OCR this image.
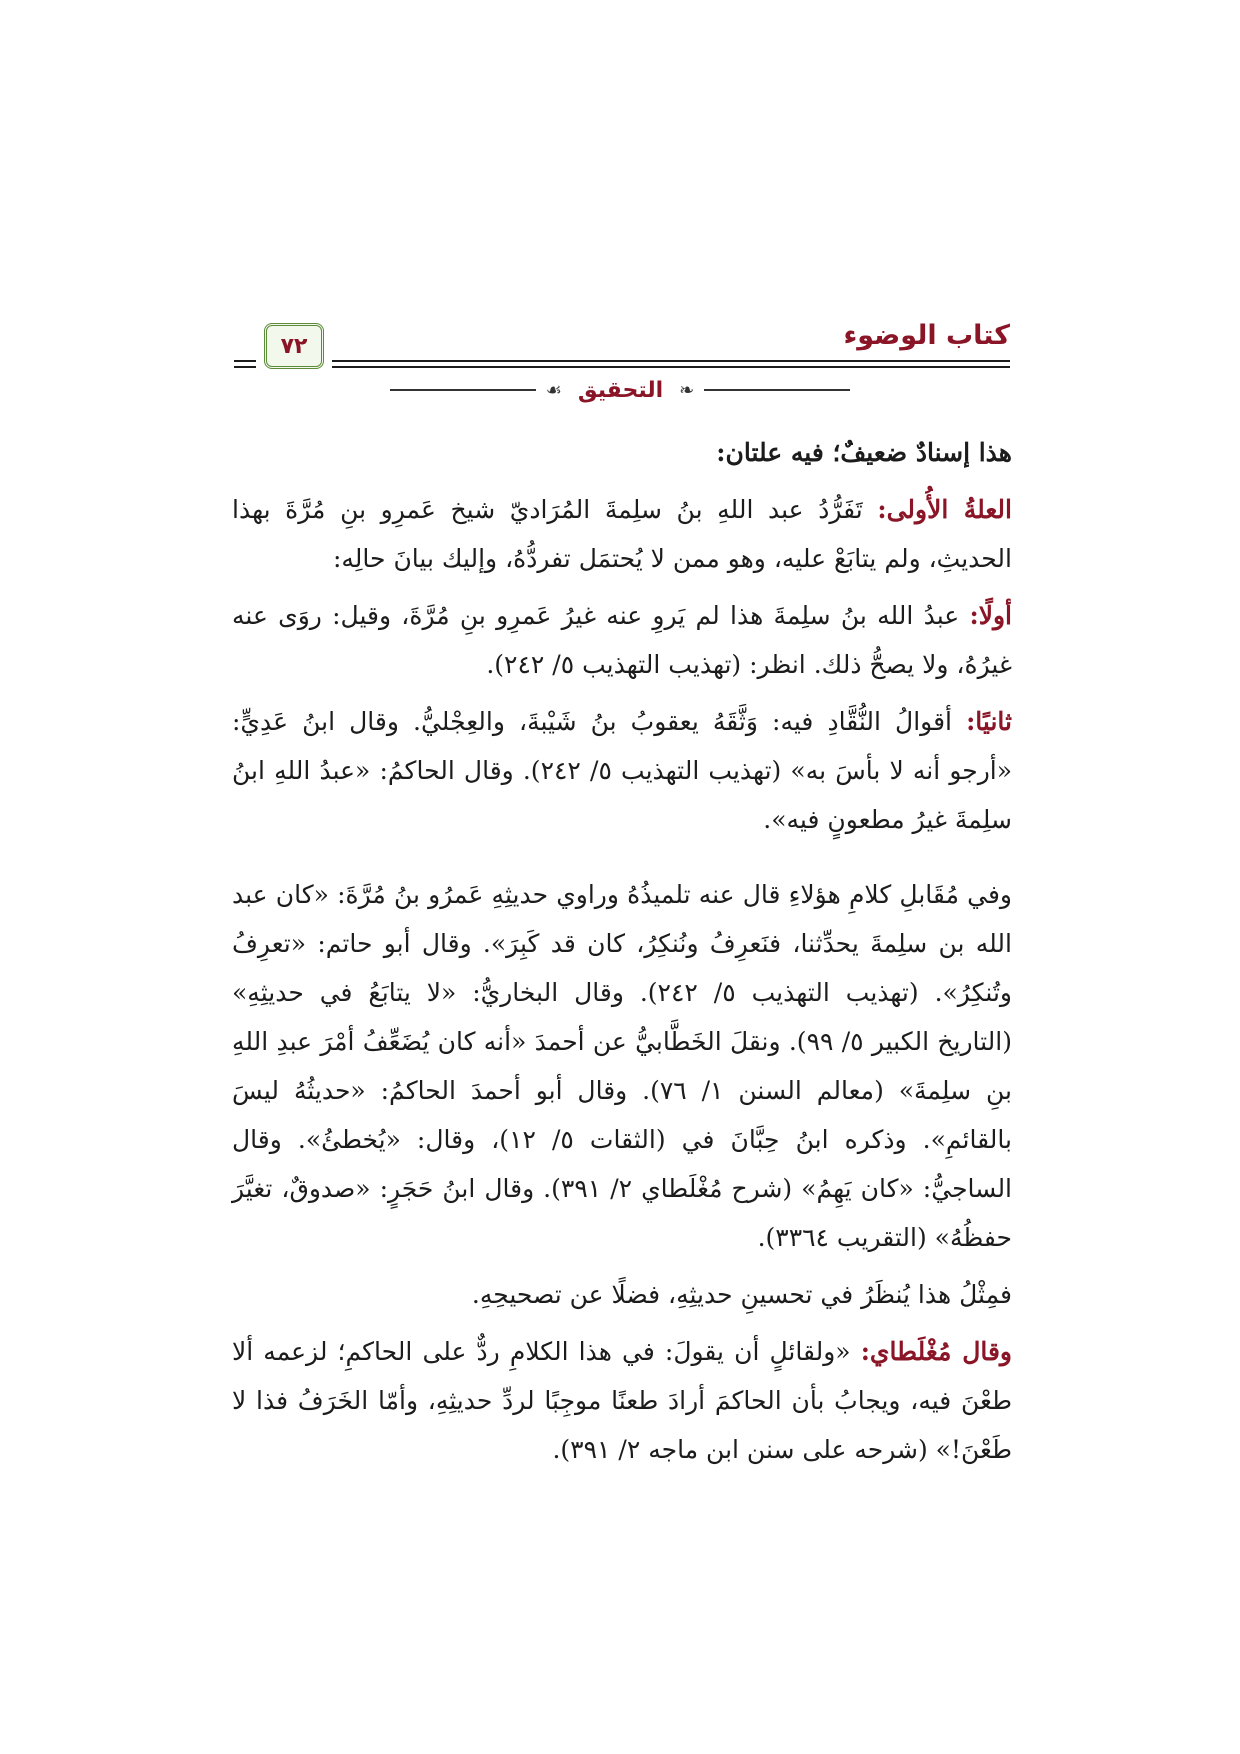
كتاب الوضوء
٧٢
❧
التحقيق
☙

هذا إسنادٌ ضعيفٌ؛ فيه علتان:

العلةُ الأُولى: تَفَرُّدُ عبد اللهِ بنُ سلِمةَ المُرَاديّ شيخ عَمرِو بنِ مُرَّةَ بهذا الحديثِ، ولم يتابَعْ عليه، وهو ممن لا يُحتمَل تفردُّهُ، وإليك بيانَ حالِه:

أولًا: عبدُ الله بنُ سلِمةَ هذا لم يَروِ عنه غيرُ عَمرِو بنِ مُرَّةَ، وقيل: روَى عنه غيرُهُ، ولا يصحُّ ذلك. انظر: (تهذيب التهذيب ٥/ ٢٤٢).

ثانيًا: أقوالُ النُّقَّادِ فيه: وَثَّقَهُ يعقوبُ بنُ شَيْبةَ، والعِجْليُّ. وقال ابنُ عَدِيٍّ: «أرجو أنه لا بأسَ به» (تهذيب التهذيب ٥/ ٢٤٢). وقال الحاكمُ: «عبدُ اللهِ ابنُ سلِمةَ غيرُ مطعونٍ فيه».

وفي مُقَابلِ كلامِ هؤلاءِ قال عنه تلميذُهُ وراوي حديثِهِ عَمرُو بنُ مُرَّةَ: «كان عبد الله بن سلِمةَ يحدِّثنا، فنَعرِفُ ونُنكِرُ، كان قد كَبِرَ». وقال أبو حاتم: «تعرِفُ وتُنكِرُ». (تهذيب التهذيب ٥/ ٢٤٢). وقال البخاريُّ: «لا يتابَعُ في حديثِهِ» (التاريخ الكبير ٥/ ٩٩). ونقلَ الخَطَّابيُّ عن أحمدَ «أنه كان يُضَعِّفُ أمْرَ عبدِ اللهِ بنِ سلِمةَ» (معالم السنن ١/ ٧٦). وقال أبو أحمدَ الحاكمُ: «حديثُهُ ليسَ بالقائمِ». وذكره ابنُ حِبَّانَ في (الثقات ٥/ ١٢)، وقال: «يُخطئُ». وقال الساجيُّ: «كان يَهِمُ» (شرح مُغْلَطاي ٢/ ٣٩١). وقال ابنُ حَجَرٍ: «صدوقٌ، تغيَّرَ حفظُهُ» (التقريب ٣٣٦٤).

فمِثْلُ هذا يُنظَرُ في تحسينِ حديثِهِ، فضلًا عن تصحيحِهِ.

وقال مُغْلَطاي: «ولقائلٍ أن يقولَ: في هذا الكلامِ ردٌّ على الحاكمِ؛ لزعمه ألا طعْنَ فيه، ويجابُ بأن الحاكمَ أرادَ طعنًا موجِبًا لردِّ حديثِهِ، وأمّا الخَرَفُ فذا لا طَعْنَ!» (شرحه على سنن ابن ماجه ٢/ ٣٩١).
